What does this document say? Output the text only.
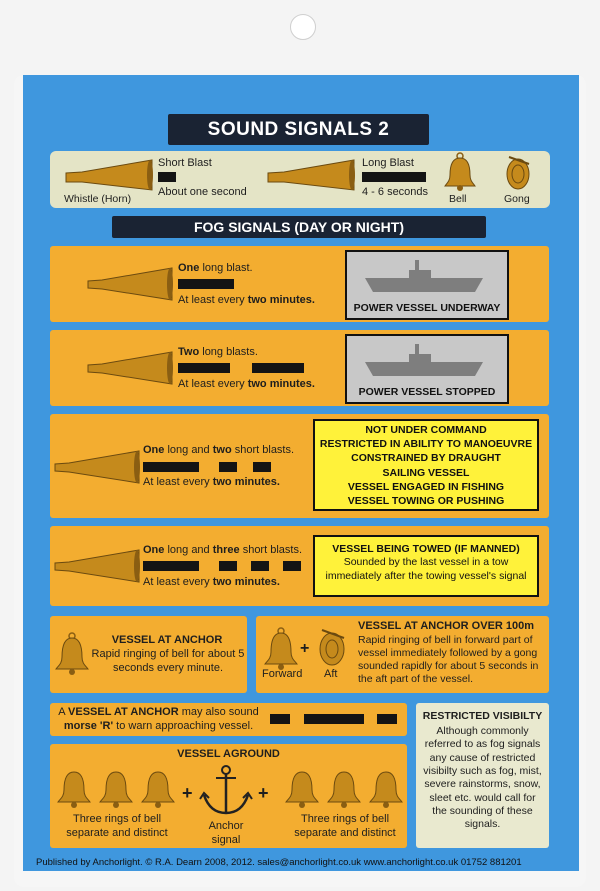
SOUND SIGNALS 2
Whistle (Horn)
Short Blast
About one second
Long Blast
4 - 6 seconds
Bell	Gong
FOG SIGNALS (DAY OR NIGHT)
One long blast.
At least every two minutes.
POWER VESSEL UNDERWAY
Two long blasts.
At least every two minutes.
POWER VESSEL STOPPED
One long and two short blasts.
At least every two minutes.
NOT UNDER COMMAND
RESTRICTED IN ABILITY TO MANOEUVRE
CONSTRAINED BY DRAUGHT
SAILING VESSEL
VESSEL ENGAGED IN FISHING
VESSEL TOWING OR PUSHING
One long and three short blasts.
At least every two minutes.
VESSEL BEING TOWED (IF MANNED)
Sounded by the last vessel in a tow immediately after the towing vessel's signal
VESSEL AT ANCHOR
Rapid ringing of bell for about 5 seconds every minute.
+
Forward Aft
VESSEL AT ANCHOR OVER 100m
Rapid ringing of bell in forward part of vessel immediately followed by a gong sounded rapidly for about 5 seconds in the aft part of the vessel.
A VESSEL AT ANCHOR may also sound
morse 'R' to warn approaching vessel.
VESSEL AGROUND
+	+
Three rings of bell separate and distinct
Anchor signal
Three rings of bell separate and distinct
RESTRICTED VISIBILTY
Although commonly referred to as fog signals any cause of restricted visibilty such as fog, mist, severe rainstorms, snow, sleet etc. would call for the sounding of these signals.
Published by Anchorlight. © R.A. Dearn 2008, 2012. sales@anchorlight.co.uk www.anchorlight.co.uk 01752 881201
